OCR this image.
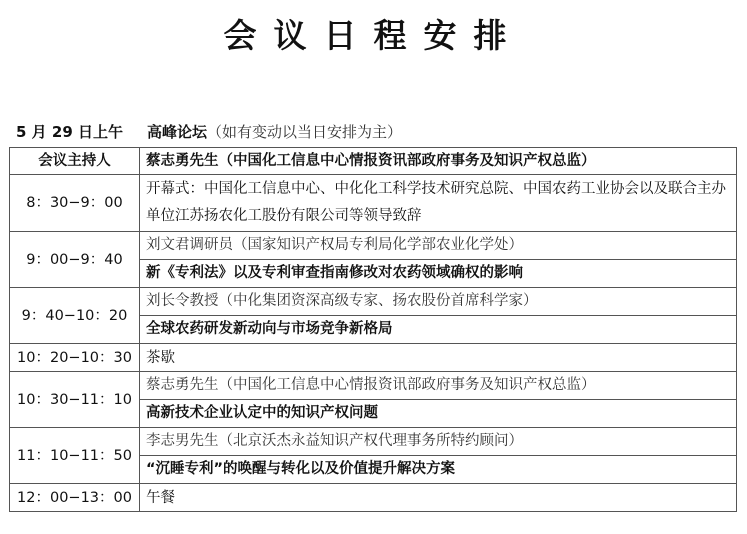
会议日程安排
5 月 29 日上午 高峰论坛（如有变动以当日安排为主）
会议主持人	蔡志勇先生（中国化工信息中心情报资讯部政府事务及知识产权总监）
8：30−9：00	开幕式：中国化工信息中心、中化化工科学技术研究总院、中国农药工业协会以及联合主办单位江苏扬农化工股份有限公司等领导致辞
9：00−9：40	刘文君调研员（国家知识产权局专利局化学部农业化学处）
新《专利法》以及专利审查指南修改对农药领域确权的影响

9：40−10：20	刘长令教授（中化集团资深高级专家、扬农股份首席科学家）
全球农药研发新动向与市场竞争新格局

10：20−10：30	茶歇
10：30−11：10	蔡志勇先生（中国化工信息中心情报资讯部政府事务及知识产权总监）
高新技术企业认定中的知识产权问题

11：10−11：50	李志男先生（北京沃杰永益知识产权代理事务所特约顾问）
“沉睡专利”的唤醒与转化以及价值提升解决方案

12：00−13：00	午餐
